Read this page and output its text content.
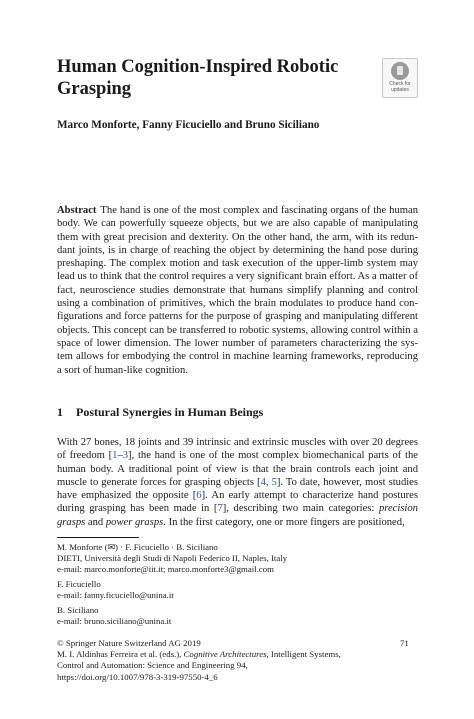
Human Cognition-Inspired Robotic Grasping	Check for
updates
Marco Monforte, Fanny Ficuciello and Bruno Siciliano
Abstract The hand is one of the most complex and fascinating organs of the human body. We can powerfully squeeze objects, but we are also capable of manipulating them with great precision and dexterity. On the other hand, the arm, with its redun-dant joints, is in charge of reaching the object by determining the hand pose during preshaping. The complex motion and task execution of the upper-limb system may lead us to think that the control requires a very significant brain effort. As a matter of fact, neuroscience studies demonstrate that humans simplify planning and control using a combination of primitives, which the brain modulates to produce hand con-figurations and force patterns for the purpose of grasping and manipulating different objects. This concept can be transferred to robotic systems, allowing control within a space of lower dimension. The lower number of parameters characterizing the sys-tem allows for embodying the control in machine learning frameworks, reproducing a sort of human-like cognition.
1 Postural Synergies in Human Beings
With 27 bones, 18 joints and 39 intrinsic and extrinsic muscles with over 20 degrees of freedom [1–3], the hand is one of the most complex biomechanical parts of the human body. A traditional point of view is that the brain controls each joint and muscle to generate forces for grasping objects [4, 5]. To date, however, most studies have emphasized the opposite [6]. An early attempt to characterize hand postures during grasping has been made in [7], describing two main categories: precision grasps and power grasps. In the first category, one or more fingers are positioned,
M. Monforte (✉) · F. Ficuciello · B. Siciliano
DIETI, Università degli Studi di Napoli Federico II, Naples, Italy
e-mail: marco.monforte@iit.it; marco.monforte3@gmail.com
F. Ficuciello
e-mail: fanny.ficuciello@unina.it
B. Siciliano
e-mail: bruno.siciliano@unina.it
© Springer Nature Switzerland AG 2019
M. I. Aldinhas Ferreira et al. (eds.), Cognitive Architectures, Intelligent Systems,
Control and Automation: Science and Engineering 94,
https://doi.org/10.1007/978-3-319-97550-4_6
71
